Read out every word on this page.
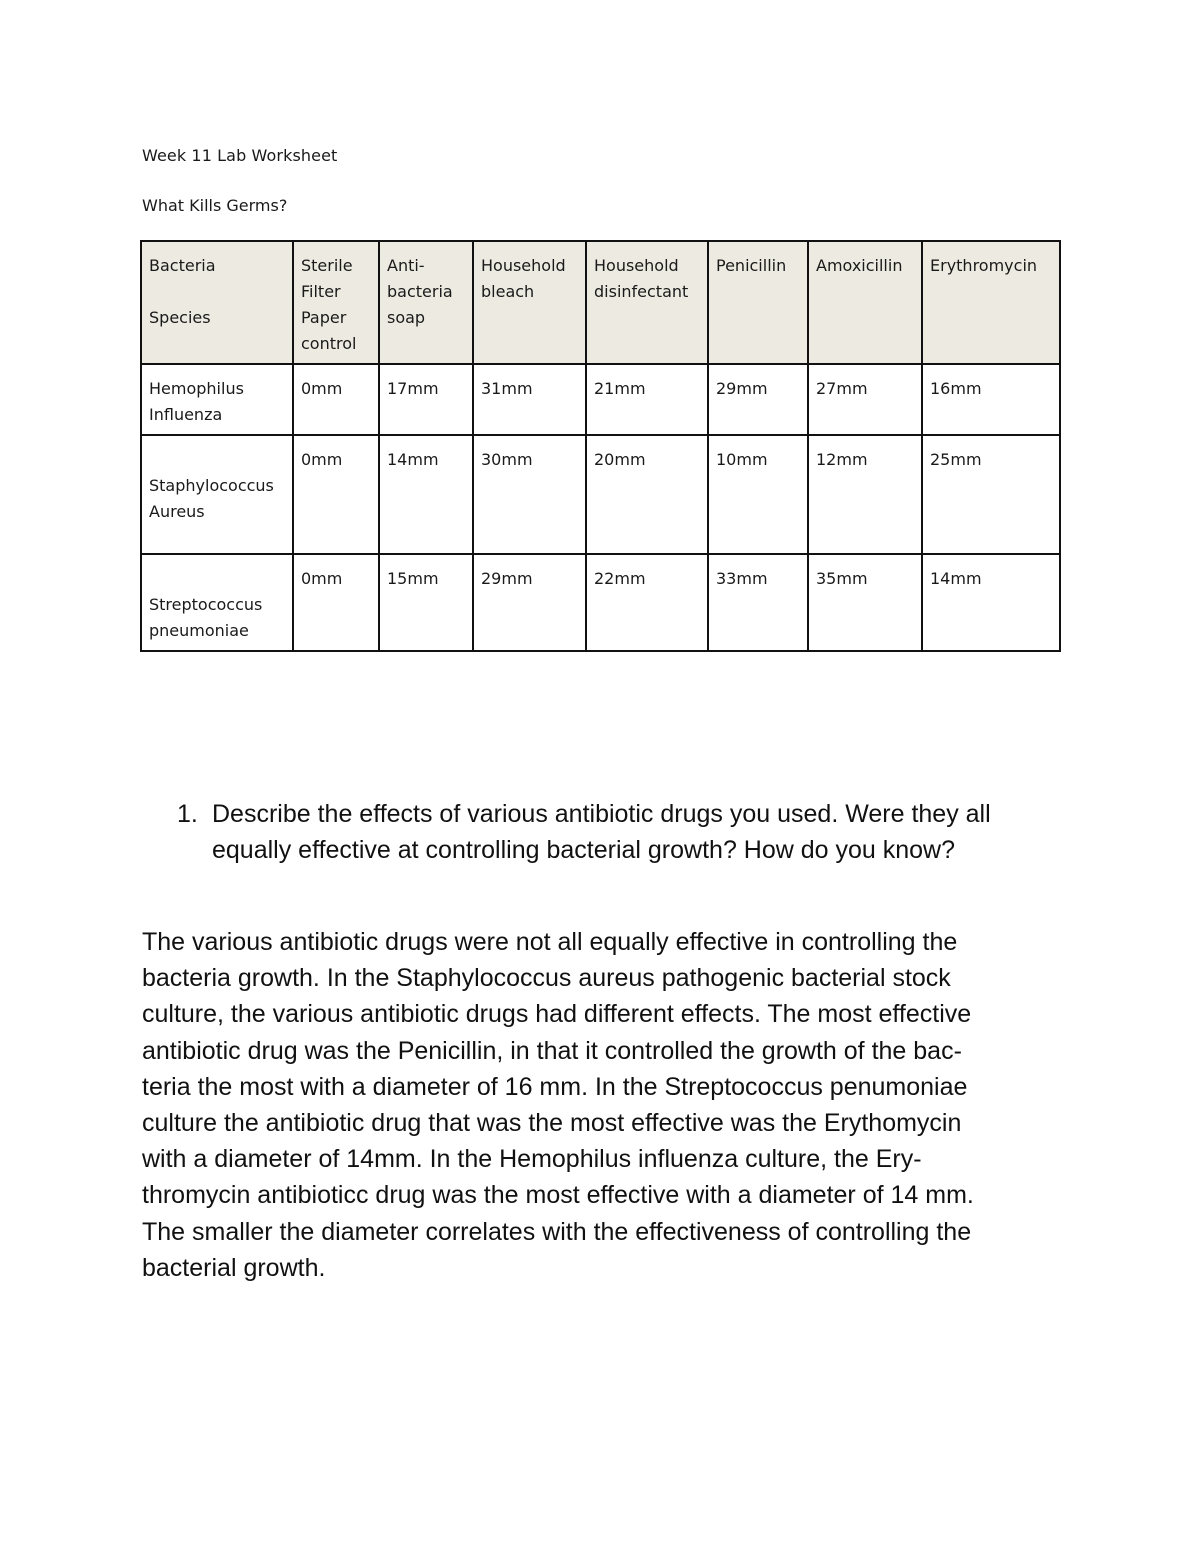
Week 11 Lab Worksheet
What Kills Germs?
Bacteria

Species	Sterile
Filter
Paper
control	Anti-
bacteria
soap	Household
bleach	Household
disinfectant	Penicillin	Amoxicillin	Erythromycin
Hemophilus
Influenza	0mm	17mm	31mm	21mm	29mm	27mm	16mm

Staphylococcus
Aureus	0mm	14mm	30mm	20mm	10mm	12mm	25mm

Streptococcus
pneumoniae	0mm	15mm	29mm	22mm	33mm	35mm	14mm
1. Describe the effects of various antibiotic drugs you used. Were they all equally effective at controlling bacterial growth? How do you know?
The various antibiotic drugs were not all equally effective in controlling the
bacteria growth. In the Staphylococcus aureus pathogenic bacterial stock
culture, the various antibiotic drugs had different effects. The most effective
antibiotic drug was the Penicillin, in that it controlled the growth of the bac-
teria the most with a diameter of 16 mm. In the Streptococcus penumoniae
culture the antibiotic drug that was the most effective was the Erythomycin
with a diameter of 14mm. In the Hemophilus influenza culture, the Ery-
thromycin antibioticc drug was the most effective with a diameter of 14 mm.
The smaller the diameter correlates with the effectiveness of controlling the
bacterial growth.
